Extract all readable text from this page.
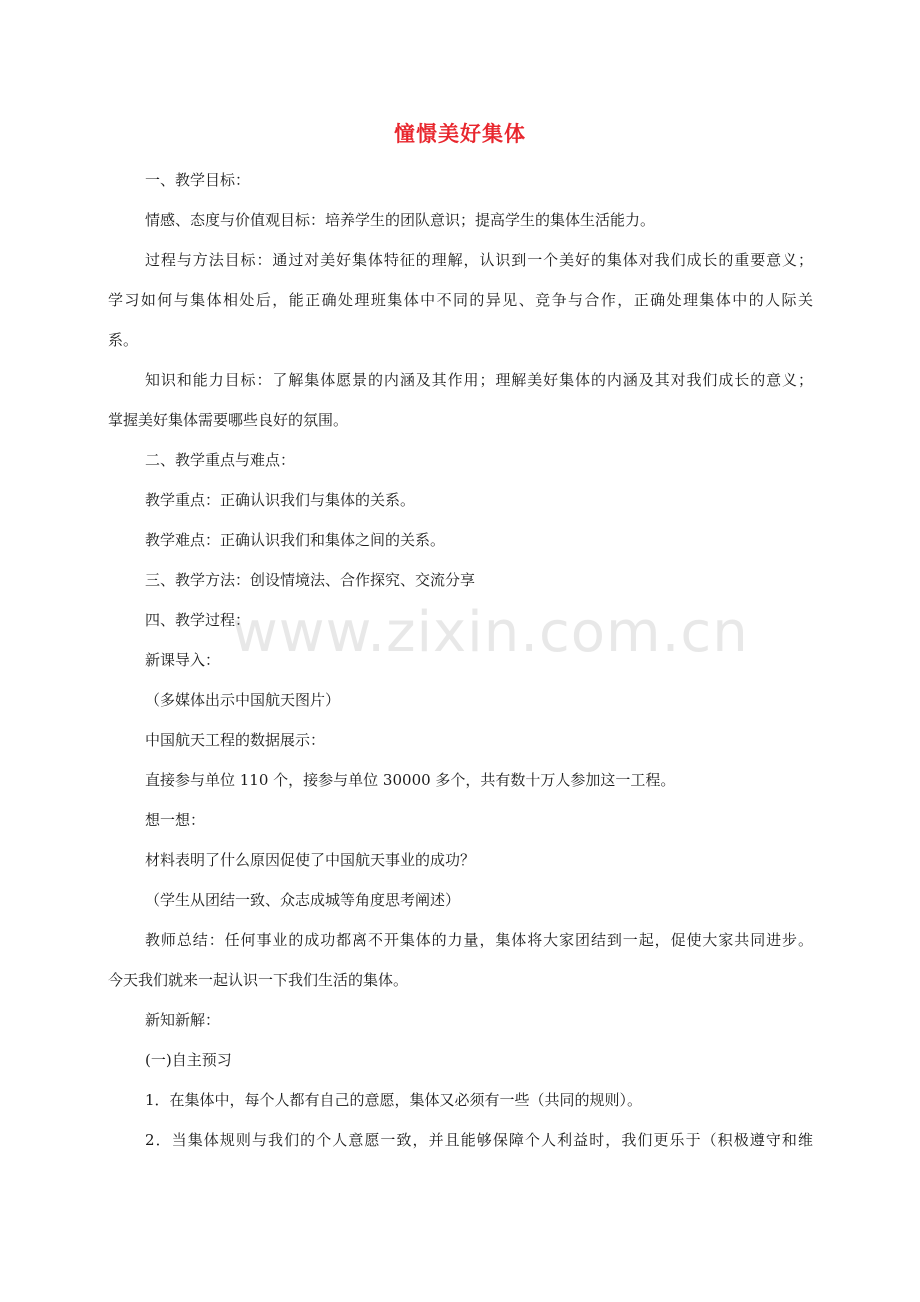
憧憬美好集体
一、教学目标：
情感、态度与价值观目标：培养学生的团队意识；提高学生的集体生活能力。
过程与方法目标：通过对美好集体特征的理解，认识到一个美好的集体对我们成长的重要意义；
学习如何与集体相处后，能正确处理班集体中不同的异见、竞争与合作，正确处理集体中的人际关
系。
知识和能力目标：了解集体愿景的内涵及其作用；理解美好集体的内涵及其对我们成长的意义；
掌握美好集体需要哪些良好的氛围。
二、教学重点与难点：
教学重点：正确认识我们与集体的关系。
教学难点：正确认识我们和集体之间的关系。
三、教学方法：创设情境法、合作探究、交流分享
四、教学过程：
新课导入：
（多媒体出示中国航天图片）
中国航天工程的数据展示：
直接参与单位 110 个，接参与单位 30000 多个，共有数十万人参加这一工程。
想一想：
材料表明了什么原因促使了中国航天事业的成功？
（学生从团结一致、众志成城等角度思考阐述）
教师总结：任何事业的成功都离不开集体的力量，集体将大家团结到一起，促使大家共同进步。
今天我们就来一起认识一下我们生活的集体。
新知新解：
(一)自主预习
1．在集体中，每个人都有自己的意愿，集体又必须有一些（共同的规则）。
2．当集体规则与我们的个人意愿一致，并且能够保障个人利益时，我们更乐于（积极遵守和维
www.zixin.com.cn
